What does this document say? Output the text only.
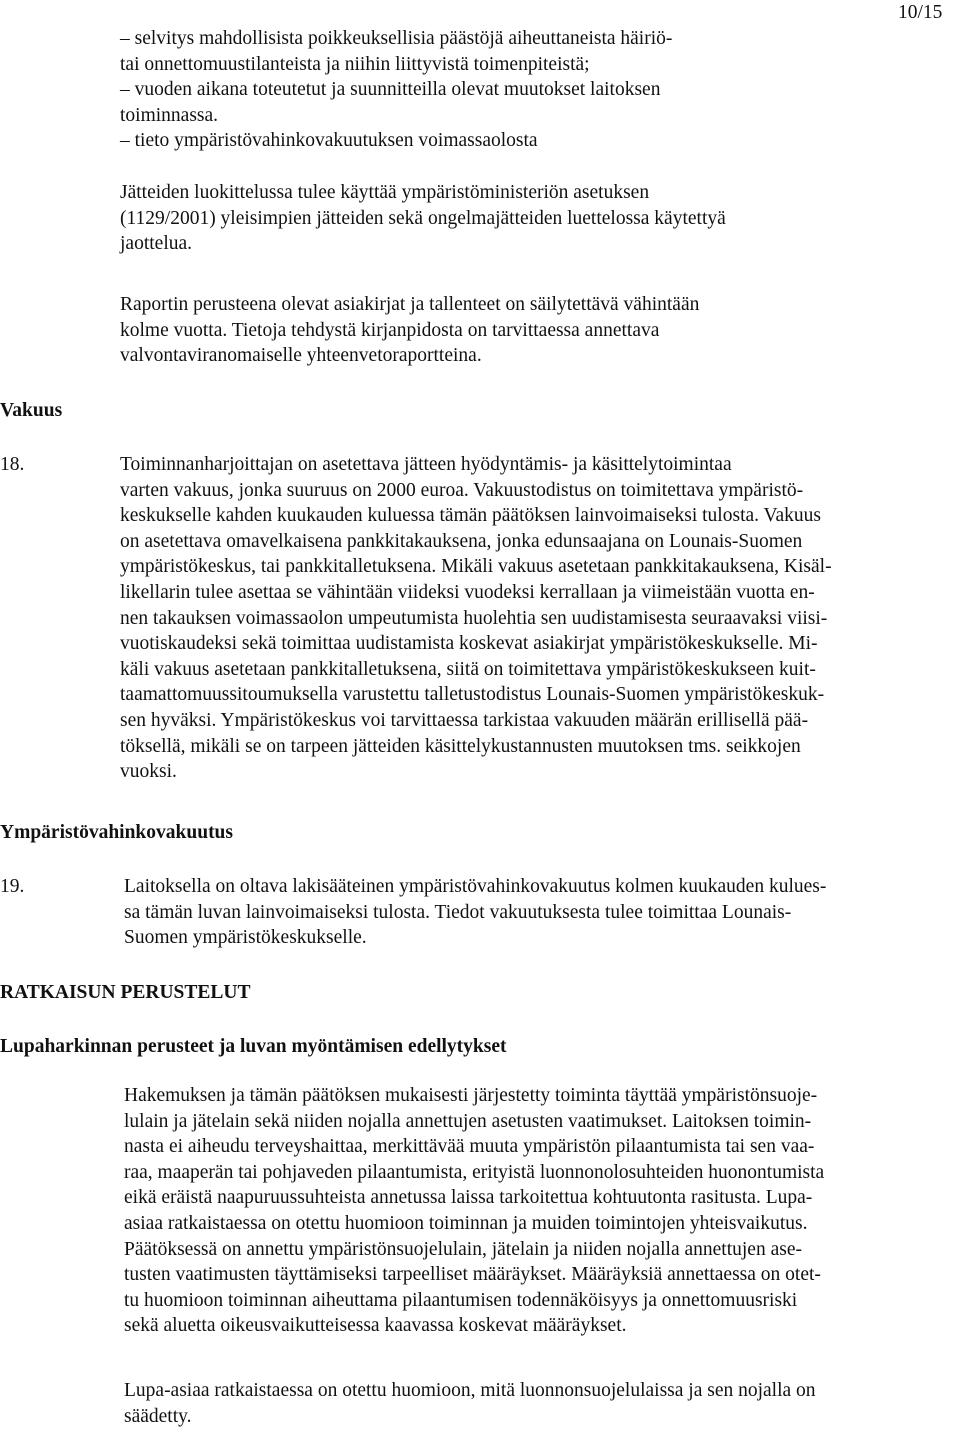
10/15
– selvitys mahdollisista poikkeuksellisia päästöjä aiheuttaneista häiriö-
tai onnettomuustilanteista ja niihin liittyvistä toimenpiteistä;
– vuoden aikana toteutetut ja suunnitteilla olevat muutokset laitoksen
toiminnassa.
– tieto ympäristövahinkovakuutuksen voimassaolosta
Jätteiden luokittelussa tulee käyttää ympäristöministeriön asetuksen
(1129/2001) yleisimpien jätteiden sekä ongelmajätteiden luettelossa käytettyä
jaottelua.
Raportin perusteena olevat asiakirjat ja tallenteet on säilytettävä vähintään
kolme vuotta. Tietoja tehdystä kirjanpidosta on tarvittaessa annettava
valvontaviranomaiselle yhteenvetoraportteina.
Vakuus
18.	Toiminnanharjoittajan on asetettava jätteen hyödyntämis- ja käsittelytoimintaa
varten vakuus, jonka suuruus on 2000 euroa. Vakuustodistus on toimitettava ympäristö-
keskukselle kahden kuukauden kuluessa tämän päätöksen lainvoimaiseksi tulosta. Vakuus
on asetettava omavelkaisena pankkitakauksena, jonka edunsaajana on Lounais-Suomen
ympäristökeskus, tai pankkitalletuksena. Mikäli vakuus asetetaan pankkitakauksena, Kisäl-
likellarin tulee asettaa se vähintään viideksi vuodeksi kerrallaan ja viimeistään vuotta en-
nen takauksen voimassaolon umpeutumista huolehtia sen uudistamisesta seuraavaksi viisi-
vuotiskaudeksi sekä toimittaa uudistamista koskevat asiakirjat ympäristökeskukselle. Mi-
käli vakuus asetetaan pankkitalletuksena, siitä on toimitettava ympäristökeskukseen kuit-
taamattomuussitoumuksella varustettu talletustodistus Lounais-Suomen ympäristökeskuk-
sen hyväksi. Ympäristökeskus voi tarvittaessa tarkistaa vakuuden määrän erillisellä pää-
töksellä, mikäli se on tarpeen jätteiden käsittelykustannusten muutoksen tms. seikkojen
vuoksi.
Ympäristövahinkovakuutus
19.	Laitoksella on oltava lakisääteinen ympäristövahinkovakuutus kolmen kuukauden kulues-
sa tämän luvan lainvoimaiseksi tulosta. Tiedot vakuutuksesta tulee toimittaa Lounais-
Suomen ympäristökeskukselle.
RATKAISUN PERUSTELUT
Lupaharkinnan perusteet ja luvan myöntämisen edellytykset
Hakemuksen ja tämän päätöksen mukaisesti järjestetty toiminta täyttää ympäristönsuoje-
lulain ja jätelain sekä niiden nojalla annettujen asetusten vaatimukset. Laitoksen toimin-
nasta ei aiheudu terveyshaittaa, merkittävää muuta ympäristön pilaantumista tai sen vaa-
raa, maaperän tai pohjaveden pilaantumista, erityistä luonnonolosuhteiden huonontumista
eikä eräistä naapuruussuhteista annetussa laissa tarkoitettua kohtuutonta rasitusta. Lupa-
asiaa ratkaistaessa on otettu huomioon toiminnan ja muiden toimintojen yhteisvaikutus.
Päätöksessä on annettu ympäristönsuojelulain, jätelain ja niiden nojalla annettujen ase-
tusten vaatimusten täyttämiseksi tarpeelliset määräykset. Määräyksiä annettaessa on otet-
tu huomioon toiminnan aiheuttama pilaantumisen todennäköisyys ja onnettomuusriski
sekä aluetta oikeusvaikutteisessa kaavassa koskevat määräykset.
Lupa-asiaa ratkaistaessa on otettu huomioon, mitä luonnonsuojelulaissa ja sen nojalla on
säädetty.
